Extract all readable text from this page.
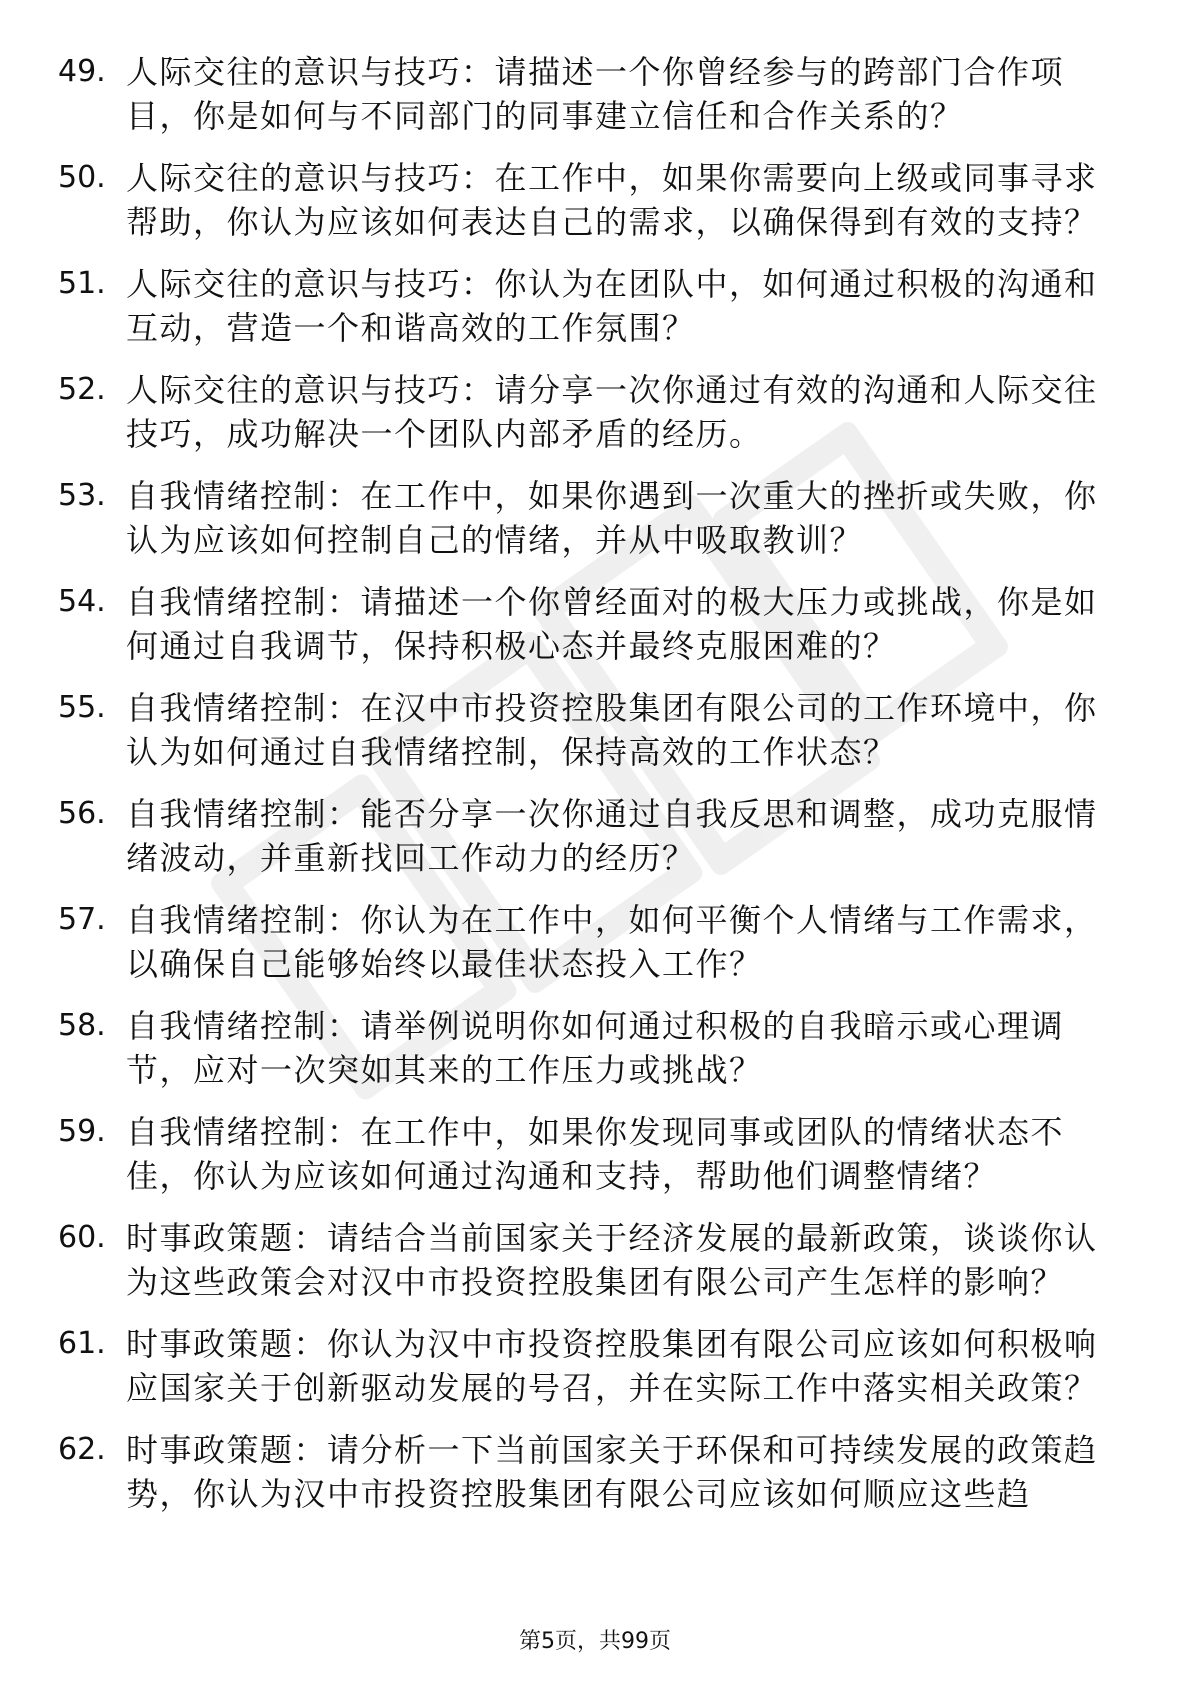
49. 人际交往的意识与技巧：请描述一个你曾经参与的跨部门合作项目，你是如何与不同部门的同事建立信任和合作关系的？
50. 人际交往的意识与技巧：在工作中，如果你需要向上级或同事寻求帮助，你认为应该如何表达自己的需求，以确保得到有效的支持？
51. 人际交往的意识与技巧：你认为在团队中，如何通过积极的沟通和互动，营造一个和谐高效的工作氛围？
52. 人际交往的意识与技巧：请分享一次你通过有效的沟通和人际交往技巧，成功解决一个团队内部矛盾的经历。
53. 自我情绪控制：在工作中，如果你遇到一次重大的挫折或失败，你认为应该如何控制自己的情绪，并从中吸取教训？
54. 自我情绪控制：请描述一个你曾经面对的极大压力或挑战，你是如何通过自我调节，保持积极心态并最终克服困难的？
55. 自我情绪控制：在汉中市投资控股集团有限公司的工作环境中，你认为如何通过自我情绪控制，保持高效的工作状态？
56. 自我情绪控制：能否分享一次你通过自我反思和调整，成功克服情绪波动，并重新找回工作动力的经历？
57. 自我情绪控制：你认为在工作中，如何平衡个人情绪与工作需求，以确保自己能够始终以最佳状态投入工作？
58. 自我情绪控制：请举例说明你如何通过积极的自我暗示或心理调节，应对一次突如其来的工作压力或挑战？
59. 自我情绪控制：在工作中，如果你发现同事或团队的情绪状态不佳，你认为应该如何通过沟通和支持，帮助他们调整情绪？
60. 时事政策题：请结合当前国家关于经济发展的最新政策，谈谈你认为这些政策会对汉中市投资控股集团有限公司产生怎样的影响？
61. 时事政策题：你认为汉中市投资控股集团有限公司应该如何积极响应国家关于创新驱动发展的号召，并在实际工作中落实相关政策？
62. 时事政策题：请分析一下当前国家关于环保和可持续发展的政策趋势，你认为汉中市投资控股集团有限公司应该如何顺应这些趋
第5页，共99页
